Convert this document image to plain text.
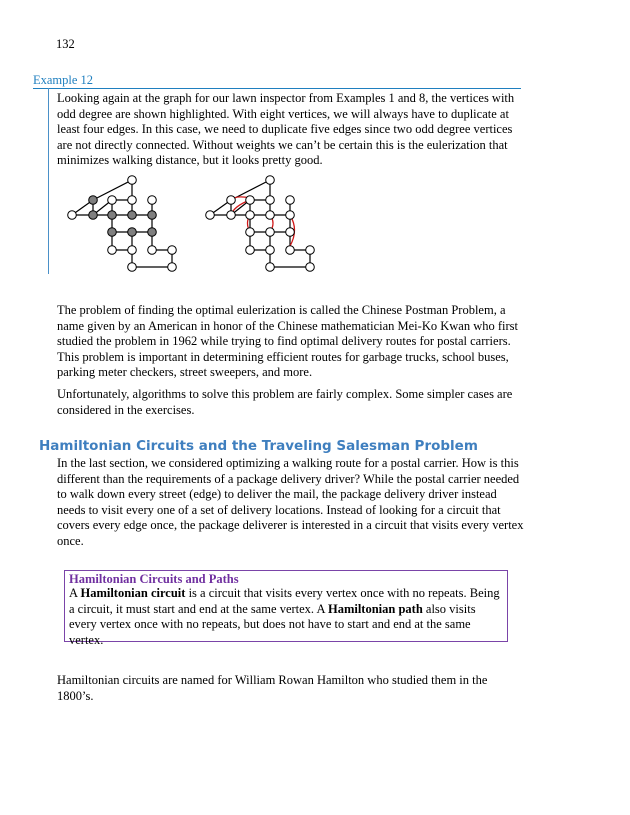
132
Example 12

Looking again at the graph for our lawn inspector from Examples 1 and 8, the vertices with odd degree are shown highlighted. With eight vertices, we will always have to duplicate at least four edges. In this case, we need to duplicate five edges since two odd degree vertices are not directly connected. Without weights we can’t be certain this is the eulerization that minimizes walking distance, but it looks pretty good.

The problem of finding the optimal eulerization is called the Chinese Postman Problem, a name given by an American in honor of the Chinese mathematician Mei-Ko Kwan who first studied the problem in 1962 while trying to find optimal delivery routes for postal carriers. This problem is important in determining efficient routes for garbage trucks, school buses, parking meter checkers, street sweepers, and more.

Unfortunately, algorithms to solve this problem are fairly complex. Some simpler cases are considered in the exercises.

Hamiltonian Circuits and the Traveling Salesman Problem

In the last section, we considered optimizing a walking route for a postal carrier. How is this different than the requirements of a package delivery driver? While the postal carrier needed to walk down every street (edge) to deliver the mail, the package delivery driver instead needs to visit every one of a set of delivery locations. Instead of looking for a circuit that covers every edge once, the package deliverer is interested in a circuit that visits every vertex once.

Hamiltonian Circuits and Paths

A Hamiltonian circuit is a circuit that visits every vertex once with no repeats. Being a circuit, it must start and end at the same vertex. A Hamiltonian path also visits every vertex once with no repeats, but does not have to start and end at the same vertex.

Hamiltonian circuits are named for William Rowan Hamilton who studied them in the 1800’s.
